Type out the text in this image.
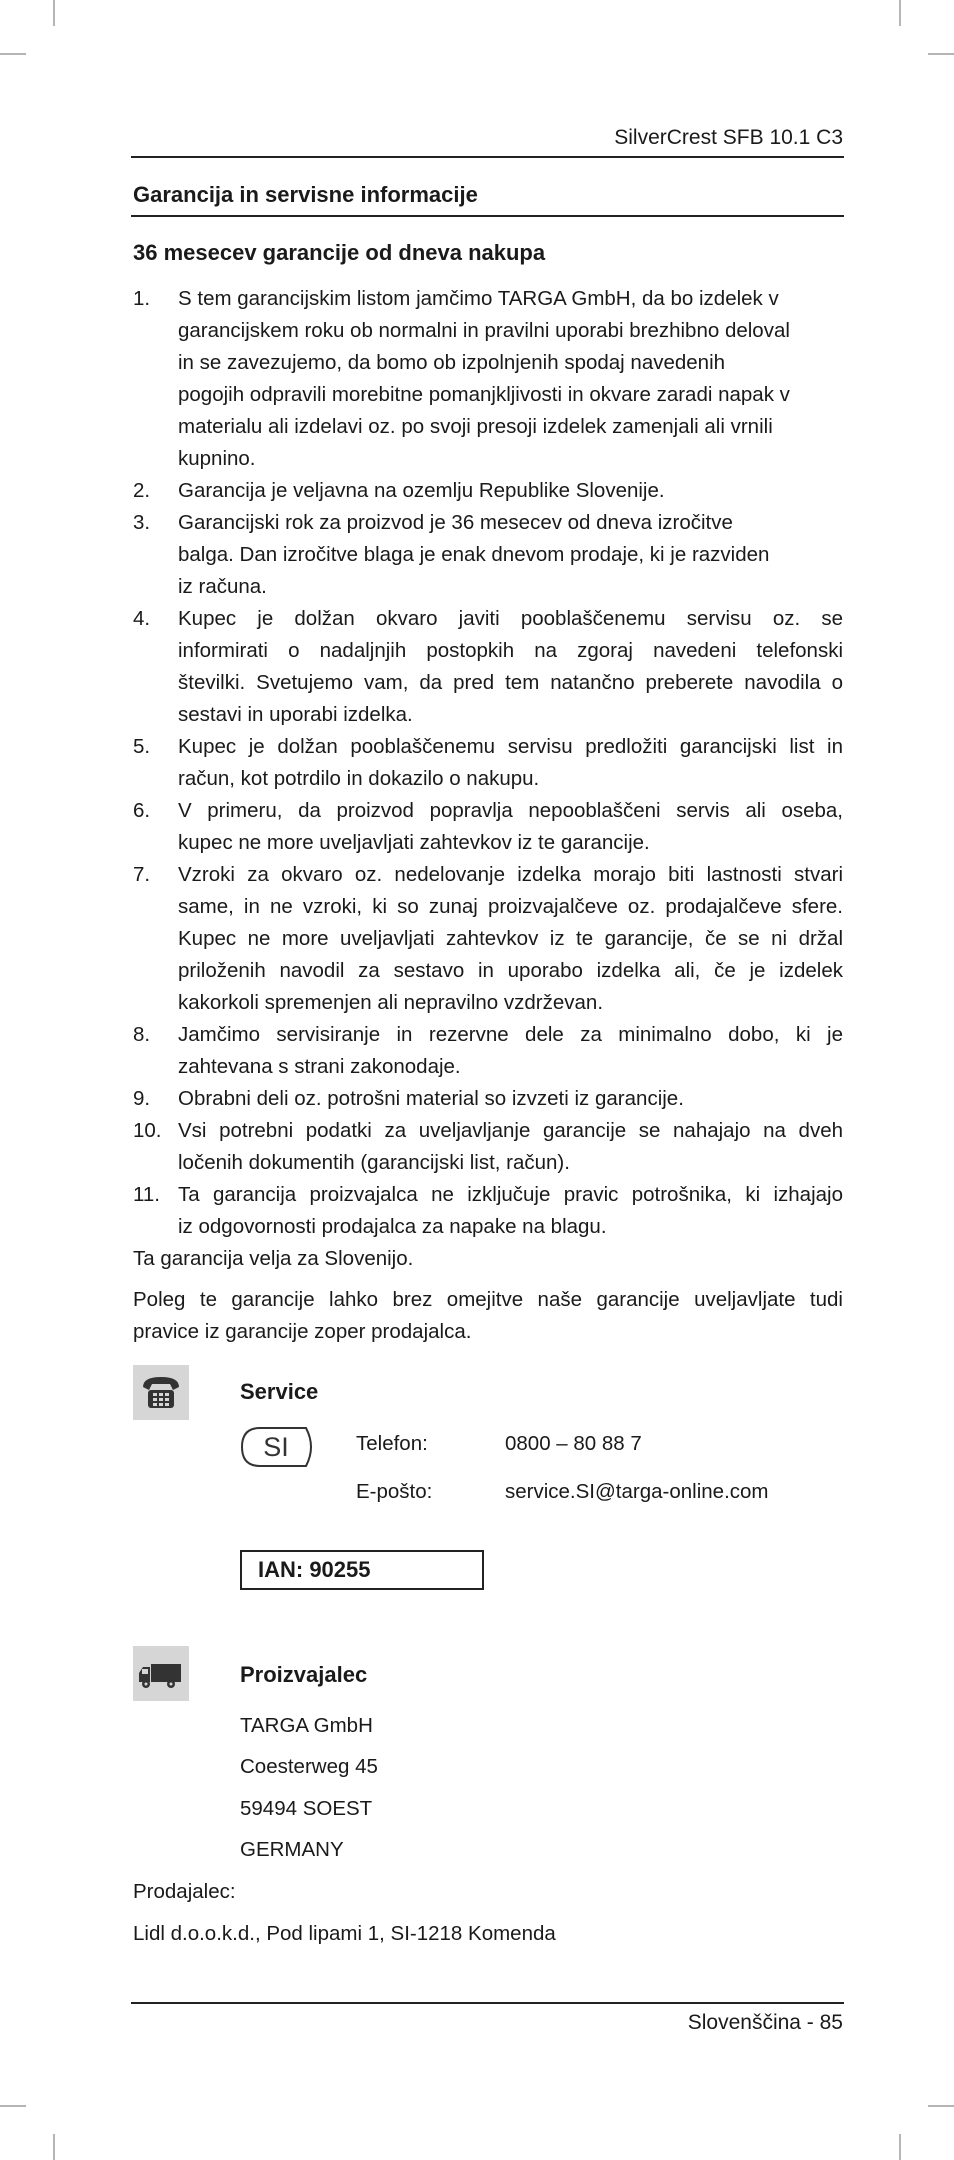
SilverCrest SFB 10.1 C3
Garancija in servisne informacije
36 mesecev garancije od dneva nakupa
1.	S tem garancijskim listom jamčimo TARGA GmbH, da bo izdelek v
garancijskem roku ob normalni in pravilni uporabi brezhibno deloval
in se zavezujemo, da bomo ob izpolnjenih spodaj navedenih
pogojih odpravili morebitne pomanjkljivosti in okvare zaradi napak v
materialu ali izdelavi oz. po svoji presoji izdelek zamenjali ali vrnili
kupnino.
2.	Garancija je veljavna na ozemlju Republike Slovenije.
3.	Garancijski rok za proizvod je 36 mesecev od dneva izročitve
balga. Dan izročitve blaga je enak dnevom prodaje, ki je razviden
iz računa.
4.	Kupec je dolžan okvaro javiti pooblaščenemu servisu oz. se
informirati o nadaljnjih postopkih na zgoraj navedeni telefonski
številki. Svetujemo vam, da pred tem natančno preberete navodila o
sestavi in uporabi izdelka.
5.	Kupec je dolžan pooblaščenemu servisu predložiti garancijski list in
račun, kot potrdilo in dokazilo o nakupu.
6.	V primeru, da proizvod popravlja nepooblaščeni servis ali oseba,
kupec ne more uveljavljati zahtevkov iz te garancije.
7.	Vzroki za okvaro oz. nedelovanje izdelka morajo biti lastnosti stvari
same, in ne vzroki, ki so zunaj proizvajalčeve oz. prodajalčeve sfere.
Kupec ne more uveljavljati zahtevkov iz te garancije, če se ni držal
priloženih navodil za sestavo in uporabo izdelka ali, če je izdelek
kakorkoli spremenjen ali nepravilno vzdrževan.
8.	Jamčimo servisiranje in rezervne dele za minimalno dobo, ki je
zahtevana s strani zakonodaje.
9.	Obrabni deli oz. potrošni material so izvzeti iz garancije.
10. Vsi potrebni podatki za uveljavljanje garancije se nahajajo na dveh
ločenih dokumentih (garancijski list, račun).
11. Ta garancija proizvajalca ne izključuje pravic potrošnika, ki izhajajo
iz odgovornosti prodajalca za napake na blagu.
Ta garancija velja za Slovenijo.
Poleg te garancije lahko brez omejitve naše garancije uveljavljate tudi
pravice iz garancije zoper prodajalca.
Service
SI	Telefon:	0800 – 80 88 7
E-pošto:	service.SI@targa-online.com
IAN: 90255
Proizvajalec
TARGA GmbH
Coesterweg 45
59494 SOEST
GERMANY
Prodajalec:
Lidl d.o.o.k.d., Pod lipami 1, SI-1218 Komenda
Slovenščina - 85
